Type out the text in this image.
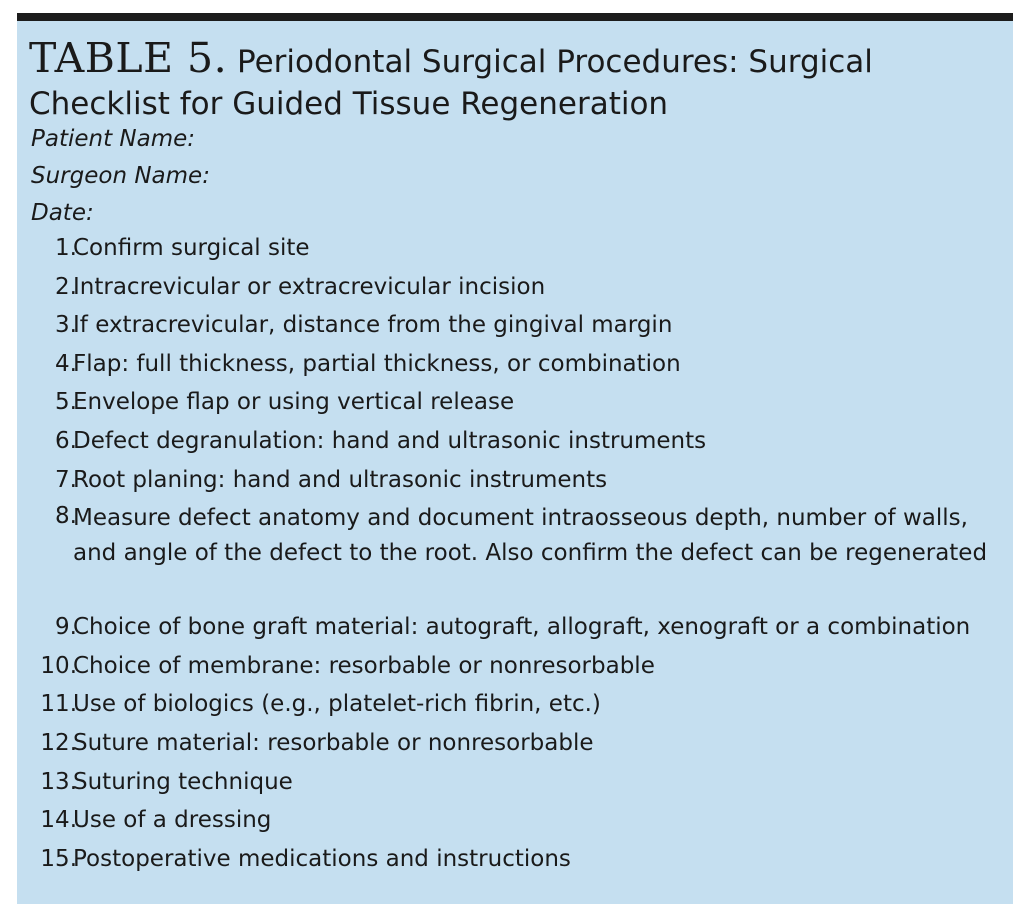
TABLE 5. Periodontal Surgical Procedures: Surgical Checklist for Guided Tissue Regeneration
Patient Name:
Surgeon Name:
Date:
1.
Confirm surgical site
2.
Intracrevicular or extracrevicular incision
3.
If extracrevicular, distance from the gingival margin
4.
Flap: full thickness, partial thickness, or combination
5.
Envelope flap or using vertical release
6.
Defect degranulation: hand and ultrasonic instruments
7.
Root planing: hand and ultrasonic instruments
8.
Measure defect anatomy and document intraosseous depth, number of walls, and angle of the defect to the root. Also confirm the defect can be regenerated
9.
Choice of bone graft material: autograft, allograft, xenograft or a combination
10.
Choice of membrane: resorbable or nonresorbable
11.
Use of biologics (e.g., platelet-rich fibrin, etc.)
12.
Suture material: resorbable or nonresorbable
13.
Suturing technique
14.
Use of a dressing
15.
Postoperative medications and instructions
